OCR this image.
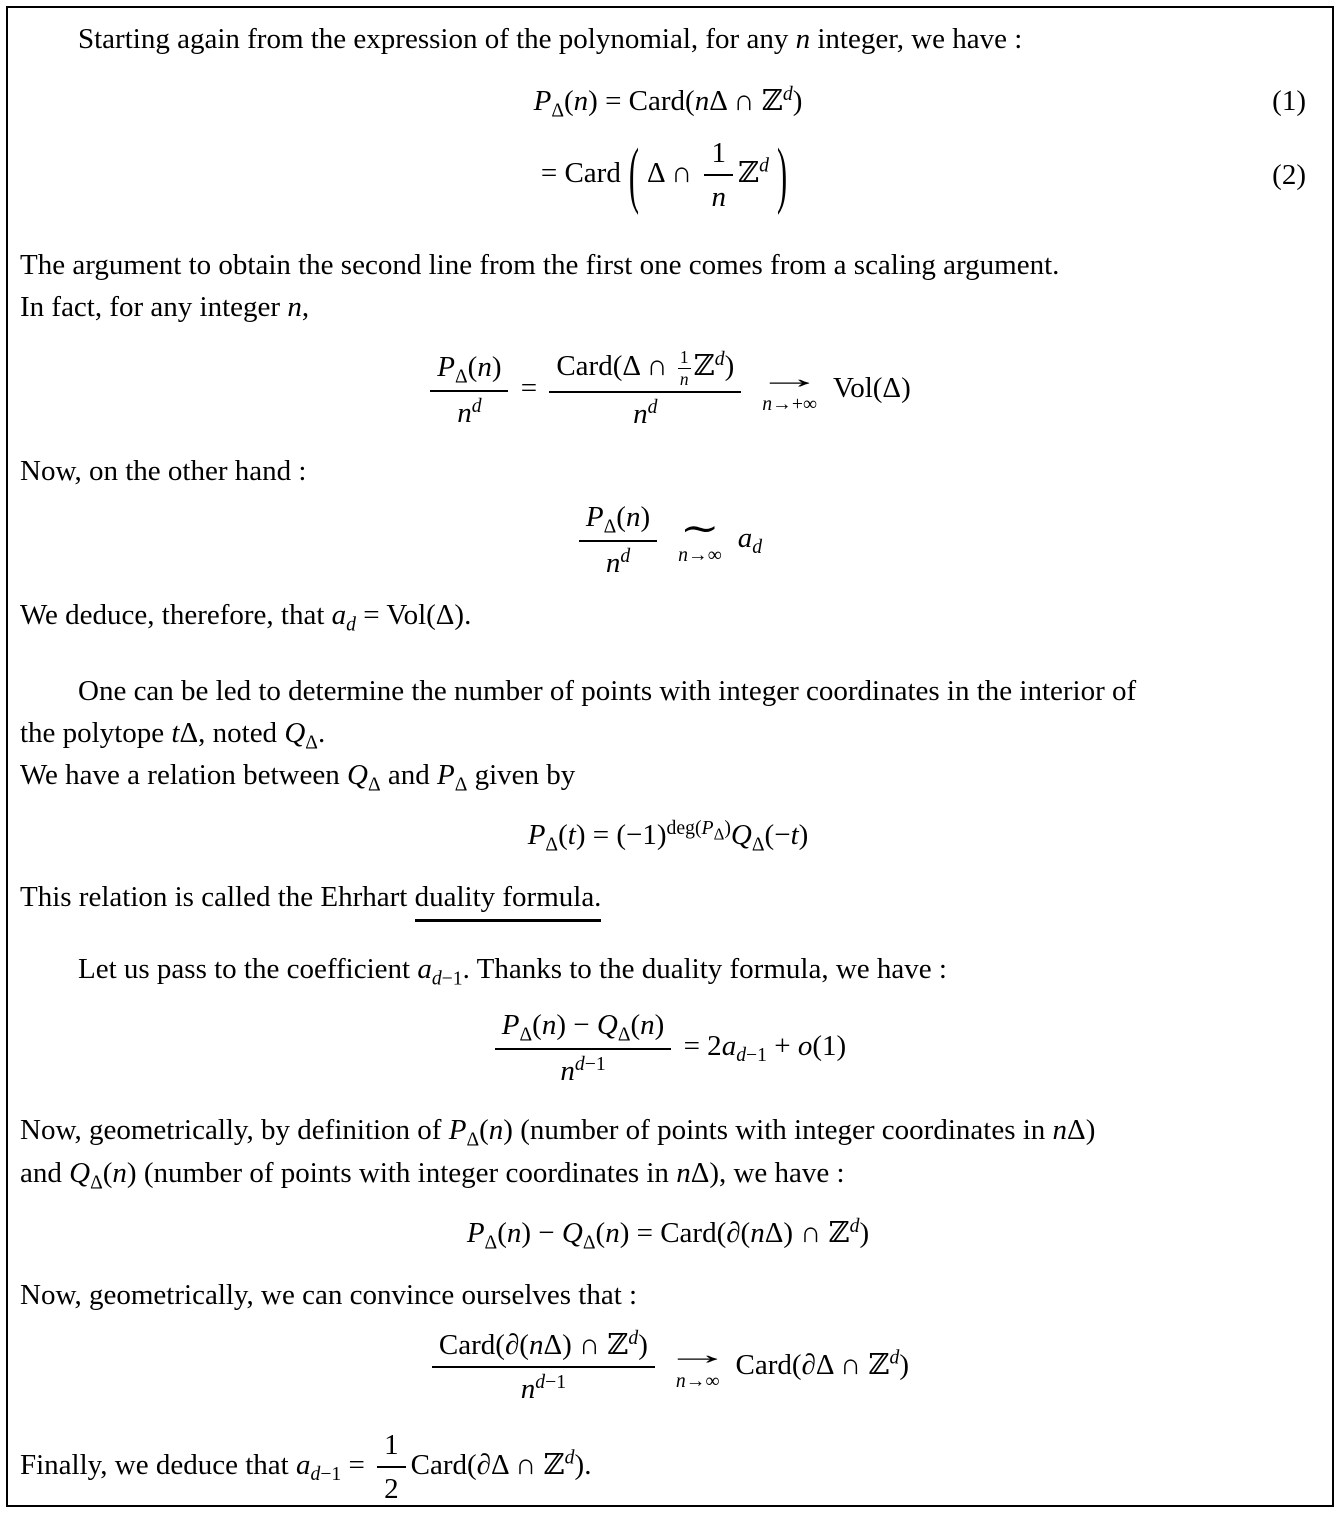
Starting again from the expression of the polynomial, for any n integer, we have :
$P_\Delta(n)$ = Card(nΔ ∩ ℤ$^d$)	(1)
= Card ( Δ ∩ $\frac{1}{n}$ ℤ$^d$ )	(2)
The argument to obtain the second line from the first one comes from a scaling argument.
In fact, for any integer n,
$\frac{P_\Delta(n)}{n^d} = \frac{Card(\Delta \cap \frac{1}{n} ℤ^d)}{n^d}$ →
n→+∞
Vol(Δ)
Now, on the other hand :
$\frac{P_\Delta(n)}{n^d}$ ∼
n→∞
$a_d$
We deduce, therefore, that $a_d = Vol(\Delta)$.
One can be led to determine the number of points with integer coordinates in the interior of
the polytope tΔ, noted $Q_\Delta$.
We have a relation between $Q_\Delta$ and $P_\Delta$ given by
$P_\Delta(t) = (-1)^{deg(P\Delta)}Q_\Delta(-t)$
This relation is called the Ehrhart duality formula.
Let us pass to the coefficient $a_{d-1}$. Thanks to the duality formula, we have :
$\frac{P_\Delta(n) - Q_\Delta(n)}{n^{d-1}} = 2a_{d-1} + o(1)$
Now, geometrically, by definition of $P_\Delta(n)$ (number of points with integer coordinates in nΔ)
and $Q_\Delta(n)$ (number of points with integer coordinates in nΔ), we have :
$P_\Delta(n) - Q_\Delta(n)$ = Card(∂(nΔ) ∩ ℤ$^d$)
Now, geometrically, we can convince ourselves that :
$\frac{Card(\partial(n\Delta) \cap ℤ^d)}{n^{d-1}}$ →
n→∞
Card(∂Δ ∩ ℤ$^d$)
Finally, we deduce that $a_{d-1} = \frac{1}{2}$ Card(∂Δ ∩ ℤ$^d$).
